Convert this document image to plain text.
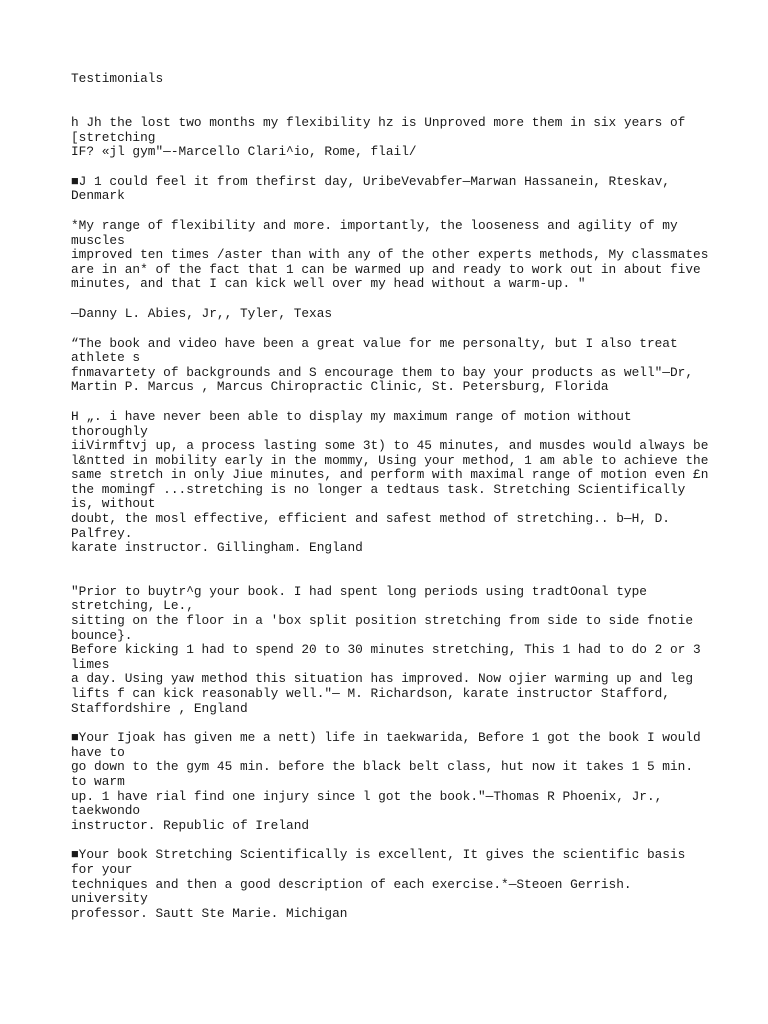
Testimonials
h Jh the lost two months my flexibility hz is Unproved more them in six years of
[stretching
IF? «jl gym"—-Marcello Clari^io, Rome, flail/
■J 1 could feel it from thefirst day, UribeVevabfer—Marwan Hassanein, Rteskav,
Denmark
*My range of flexibility and more. importantly, the looseness and agility of my
muscles
improved ten times /aster than with any of the other experts methods, My classmates
are in an* of the fact that 1 can be warmed up and ready to work out in about five
minutes, and that I can kick well over my head without a warm-up. "
—Danny L. Abies, Jr,, Tyler, Texas
“The book and video have been a great value for me personalty, but I also treat
athlete s
fnmavartety of backgrounds and S encourage them to bay your products as well"—Dr,
Martin P. Marcus , Marcus Chiropractic Clinic, St. Petersburg, Florida
H „. i have never been able to display my maximum range of motion without
thoroughly
iiVirmftvj up, a process lasting some 3t) to 45 minutes, and musdes would always be
l&ntted in mobility early in the mommy, Using your method, 1 am able to achieve the
same stretch in only Jiue minutes, and perform with maximal range of motion even £n
the momingf ...stretching is no longer a tedtaus task. Stretching Scientifically
is, without
doubt, the mosl effective, efficient and safest method of stretching.. b—H, D.
Palfrey.
karate instructor. Gillingham. England
"Prior to buytr^g your book. I had spent long periods using tradtOonal type
stretching, Le.,
sitting on the floor in a 'box split position stretching from side to side fnotie
bounce}.
Before kicking 1 had to spend 20 to 30 minutes stretching, This 1 had to do 2 or 3
limes
a day. Using yaw method this situation has improved. Now ojier warming up and leg
lifts f can kick reasonably well."— M. Richardson, karate instructor Stafford,
Staffordshire , England
■Your Ijoak has given me a nett) life in taekwarida, Before 1 got the book I would
have to
go down to the gym 45 min. before the black belt class, hut now it takes 1 5 min.
to warm
up. 1 have rial find one injury since l got the book."—Thomas R Phoenix, Jr.,
taekwondo
instructor. Republic of Ireland
■Your book Stretching Scientifically is excellent, It gives the scientific basis
for your
techniques and then a good description of each exercise.*—Steoen Gerrish.
university
professor. Sautt Ste Marie. Michigan
